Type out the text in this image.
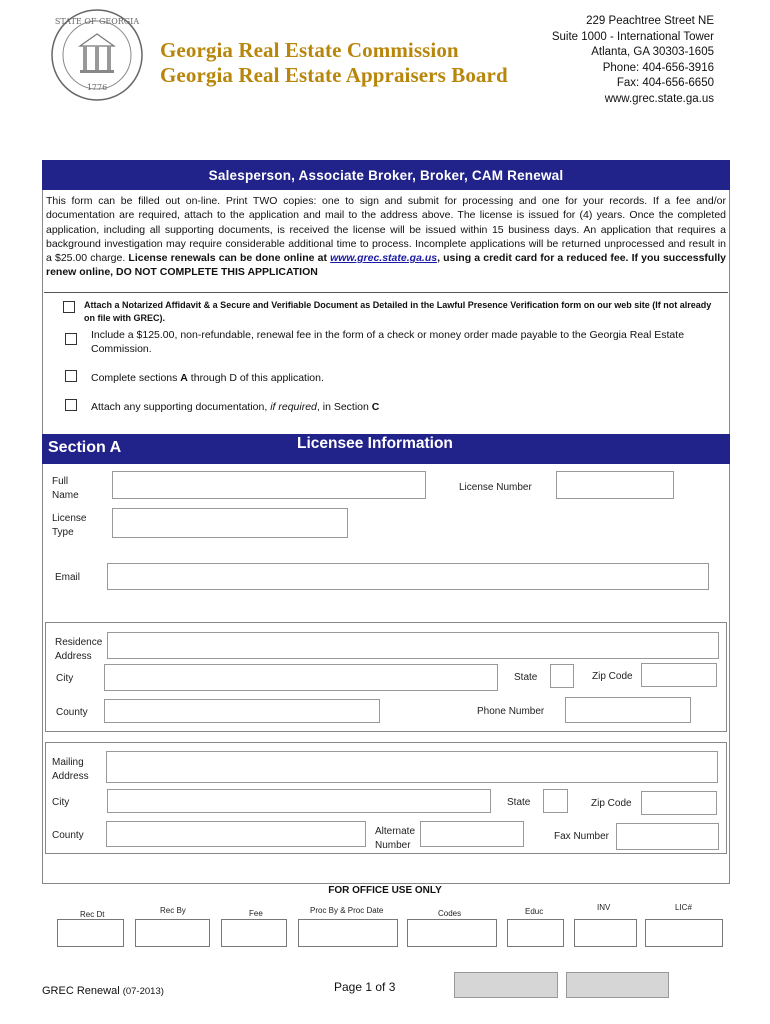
STATE OF GEORGIA
1776
Georgia Real Estate Commission
Georgia Real Estate Appraisers Board
229 Peachtree Street NE
Suite 1000 - International Tower
Atlanta, GA 30303-1605
Phone: 404-656-3916
Fax: 404-656-6650
www.grec.state.ga.us
Salesperson, Associate Broker, Broker, CAM Renewal
This form can be filled out on-line. Print TWO copies: one to sign and submit for processing and one for your records. If a fee and/or documentation are required, attach to the application and mail to the address above. The license is issued for (4) years. Once the completed application, including all supporting documents, is received the license will be issued within 15 business days. An application that requires a background investigation may require considerable additional time to process. Incomplete applications will be returned unprocessed and result in a $25.00 charge. License renewals can be done online at www.grec.state.ga.us, using a credit card for a reduced fee. If you successfully renew online, DO NOT COMPLETE THIS APPLICATION
Attach a Notarized Affidavit & a Secure and Verifiable Document as Detailed in the Lawful Presence Verification form on our web site (If not already on file with GREC).
Include a $125.00, non-refundable, renewal fee in the form of a check or money order made payable to the Georgia Real Estate Commission.
Complete sections A through D of this application.
Attach any supporting documentation, if required, in Section C
Section A	Licensee Information
Full
Name
License Number
License
Type
Email
Residence
Address
City	State	Zip Code
County	Phone Number
Mailing
Address
City	State	Zip Code
County	Alternate
Number
Fax Number
FOR OFFICE USE ONLY
Rec Dt	Rec By	Fee	Proc By & Proc Date	Codes	Educ	INV	LIC#
GREC Renewal (07-2013)	Page 1 of 3
